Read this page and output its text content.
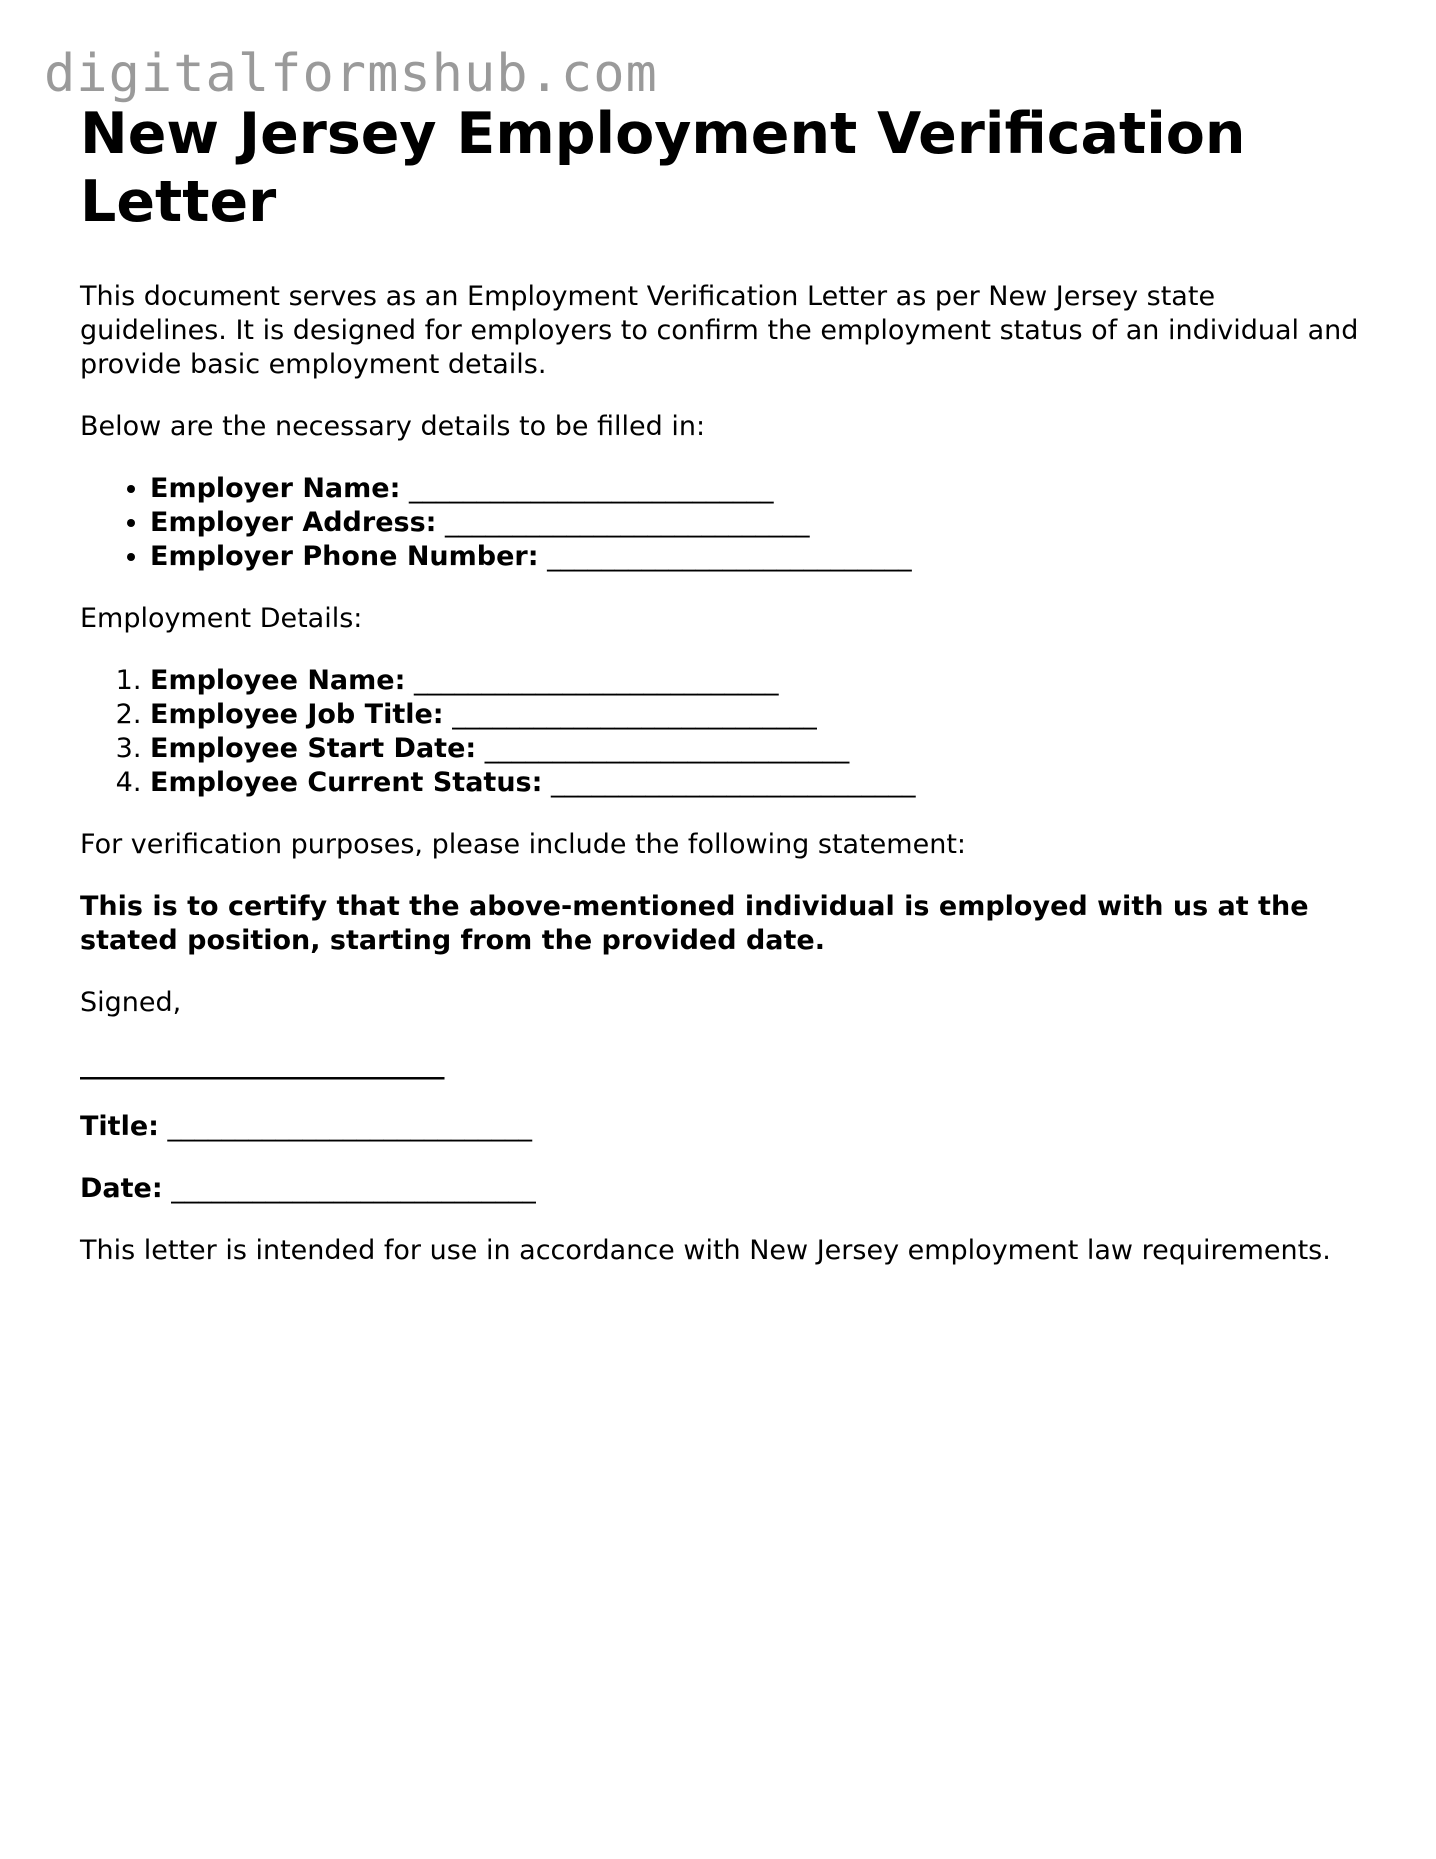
digitalformshub.com
New Jersey Employment Verification Letter

This document serves as an Employment Verification Letter as per New Jersey state guidelines. It is designed for employers to confirm the employment status of an individual and provide basic employment details.

Below are the necessary details to be filled in:

• Employer Name: ___________________________
• Employer Address: ___________________________
• Employer Phone Number: ___________________________

Employment Details:

1. Employee Name: ___________________________
2. Employee Job Title: ___________________________
3. Employee Start Date: ___________________________
4. Employee Current Status: ___________________________

For verification purposes, please include the following statement:

This is to certify that the above-mentioned individual is employed with us at the stated position, starting from the provided date.

Signed,

___________________________

Title: ___________________________

Date: ___________________________

This letter is intended for use in accordance with New Jersey employment law requirements.
